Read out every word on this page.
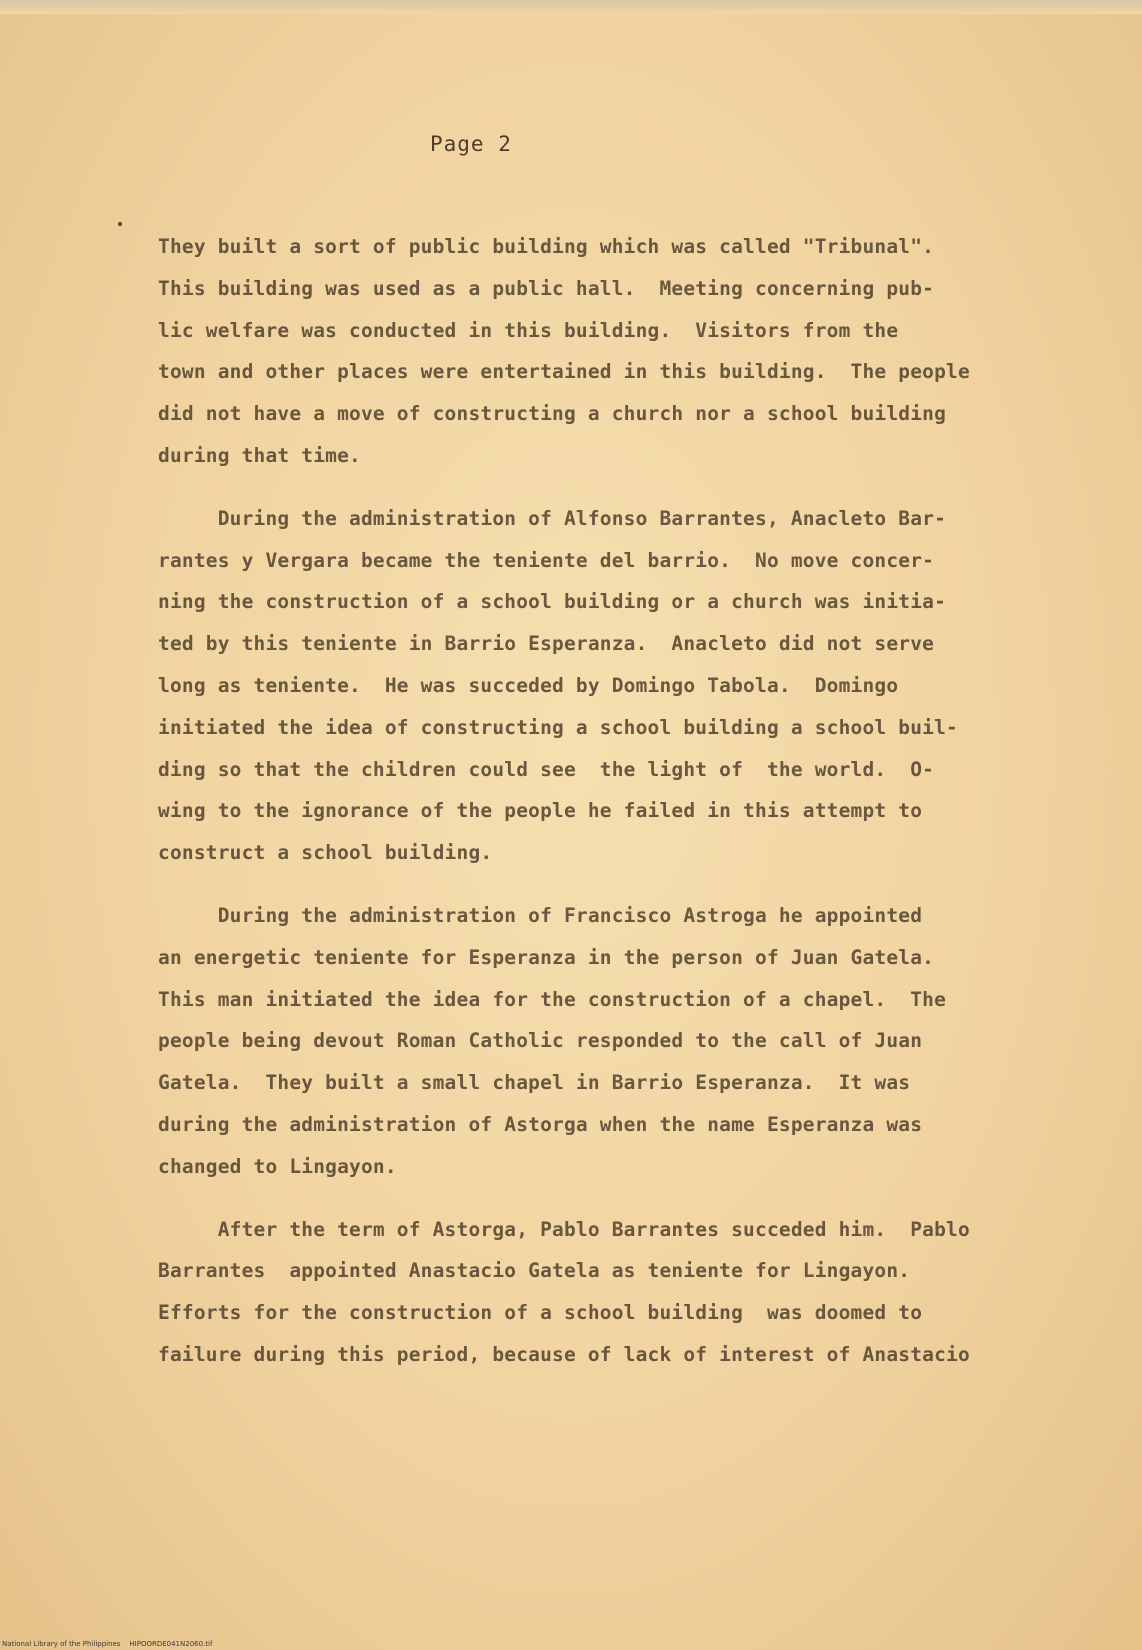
Page 2
They built a sort of public building which was called "Tribunal".
This building was used as a public hall.  Meeting concerning pub-
lic welfare was conducted in this building.  Visitors from the
town and other places were entertained in this building.  The people
did not have a move of constructing a church nor a school building
during that time.
During the administration of Alfonso Barrantes, Anacleto Bar-
rantes y Vergara became the teniente del barrio.  No move concer-
ning the construction of a school building or a church was initia-
ted by this teniente in Barrio Esperanza.  Anacleto did not serve
long as teniente.  He was succeded by Domingo Tabola.  Domingo
initiated the idea of constructing a school building a school buil-
ding so that the children could see  the light of  the world.  O-
wing to the ignorance of the people he failed in this attempt to
construct a school building.
During the administration of Francisco Astroga he appointed
an energetic teniente for Esperanza in the person of Juan Gatela.
This man initiated the idea for the construction of a chapel.  The
people being devout Roman Catholic responded to the call of Juan
Gatela.  They built a small chapel in Barrio Esperanza.  It was
during the administration of Astorga when the name Esperanza was
changed to Lingayon.
After the term of Astorga, Pablo Barrantes succeded him.  Pablo
Barrantes  appointed Anastacio Gatela as teniente for Lingayon.
Efforts for the construction of a school building  was doomed to
failure during this period, because of lack of interest of Anastacio
National Library of the Philippines    HIPOORDE041N2060.tif
